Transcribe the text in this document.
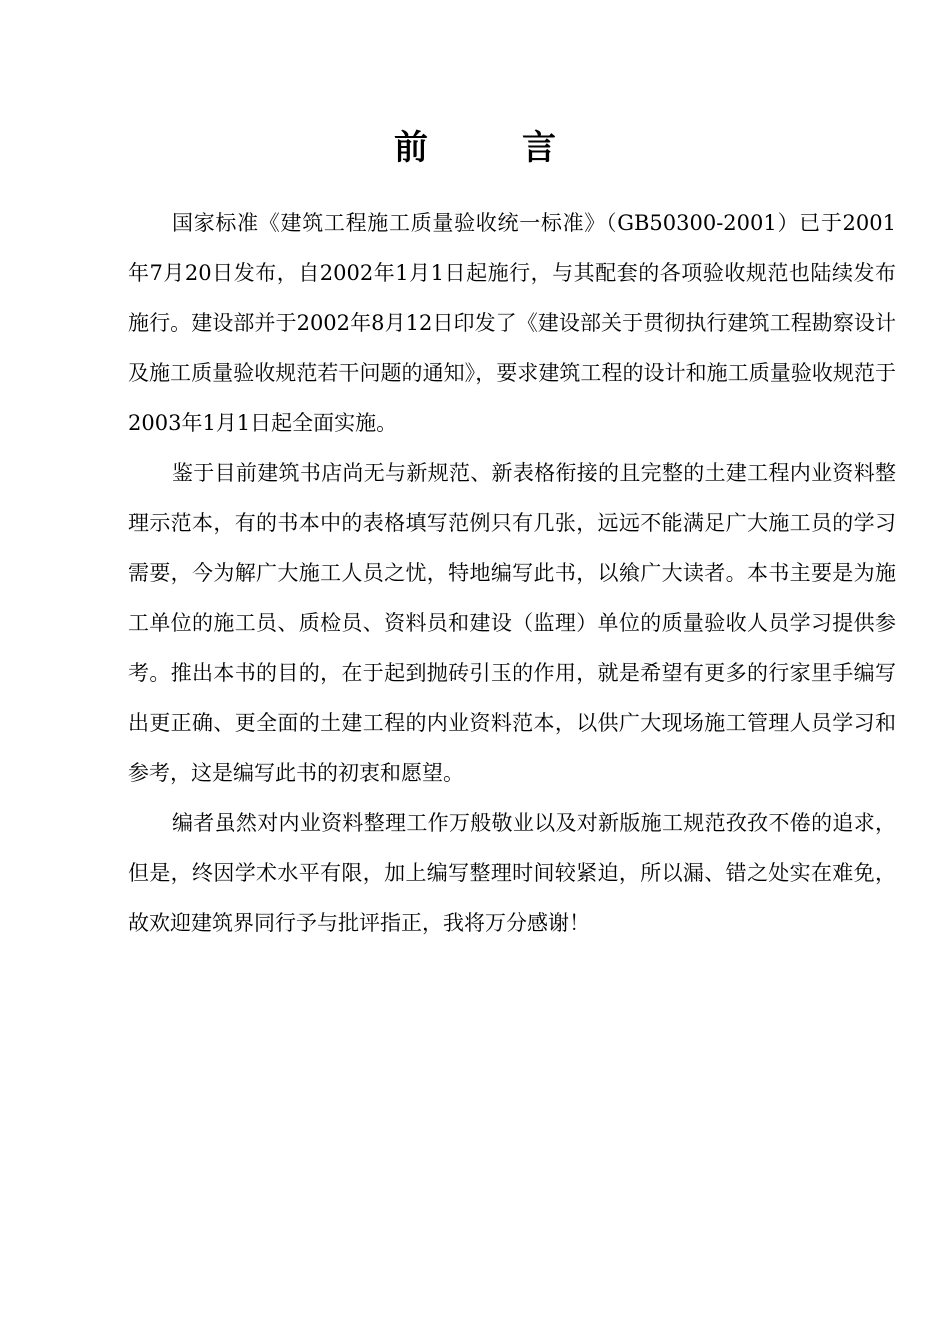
前　言

国家标准《建筑工程施工质量验收统一标准》（GB50300-2001）已于2001年7月20日发布，自2002年1月1日起施行，与其配套的各项验收规范也陆续发布施行。建设部并于2002年8月12日印发了《建设部关于贯彻执行建筑工程勘察设计及施工质量验收规范若干问题的通知》，要求建筑工程的设计和施工质量验收规范于2003年1月1日起全面实施。

鉴于目前建筑书店尚无与新规范、新表格衔接的且完整的土建工程内业资料整理示范本，有的书本中的表格填写范例只有几张，远远不能满足广大施工员的学习需要，今为解广大施工人员之忧，特地编写此书，以飨广大读者。本书主要是为施工单位的施工员、质检员、资料员和建设（监理）单位的质量验收人员学习提供参考。推出本书的目的，在于起到抛砖引玉的作用，就是希望有更多的行家里手编写出更正确、更全面的土建工程的内业资料范本，以供广大现场施工管理人员学习和参考，这是编写此书的初衷和愿望。

编者虽然对内业资料整理工作万般敬业以及对新版施工规范孜孜不倦的追求，但是，终因学术水平有限，加上编写整理时间较紧迫，所以漏、错之处实在难免，故欢迎建筑界同行予与批评指正，我将万分感谢！
